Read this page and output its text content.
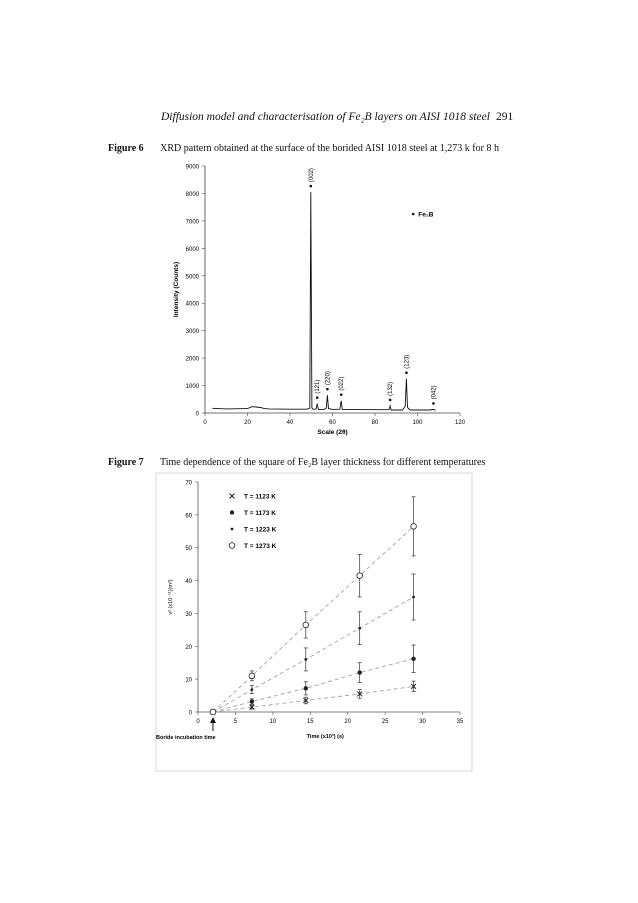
Diffusion model and characterisation of Fe₂B layers on AISI 1018 steel 291
Figure 6 XRD pattern obtained at the surface of the borided AISI 1018 steel at 1,273 k for 8 h
0
1000
2000
3000
4000
5000
6000
7000
8000
9000
0	20	40	60	80	100	120
Scale (2θ)
Intensity (Counts)
(002)
(121)
(220) (022)	(132)
(123)
(042)
Fe₂B
Figure 7 Time dependence of the square of Fe₂B layer thickness for different temperatures
0
10
20
30
40
50
60
70
0	5	10	15	20	25	30	35
Time (x10³) (s)
v² (x10⁻¹¹)(m²)
Boride incubation time
T = 1123 K
T = 1173 K
T = 1223 K
T = 1273 K
